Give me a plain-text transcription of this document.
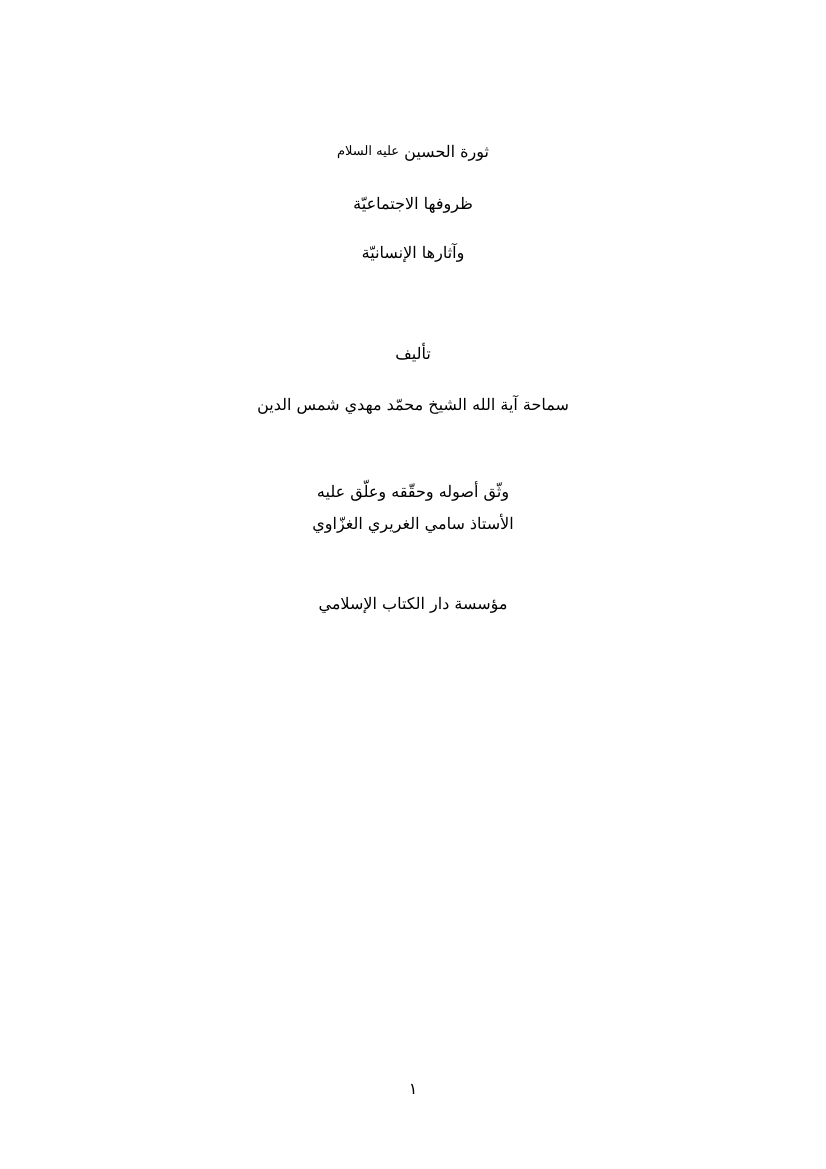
ثورة الحسين عليه السلام
ظروفها الاجتماعيّة
وآثارها الإنسانيّة
تأليف
سماحة آية الله الشيخ محمّد مهدي شمس الدين
وثّق أصوله وحقّقه وعلّق عليه
الأستاذ سامي الغريري الغزّاوي
مؤسسة دار الكتاب الإسلامي
١
